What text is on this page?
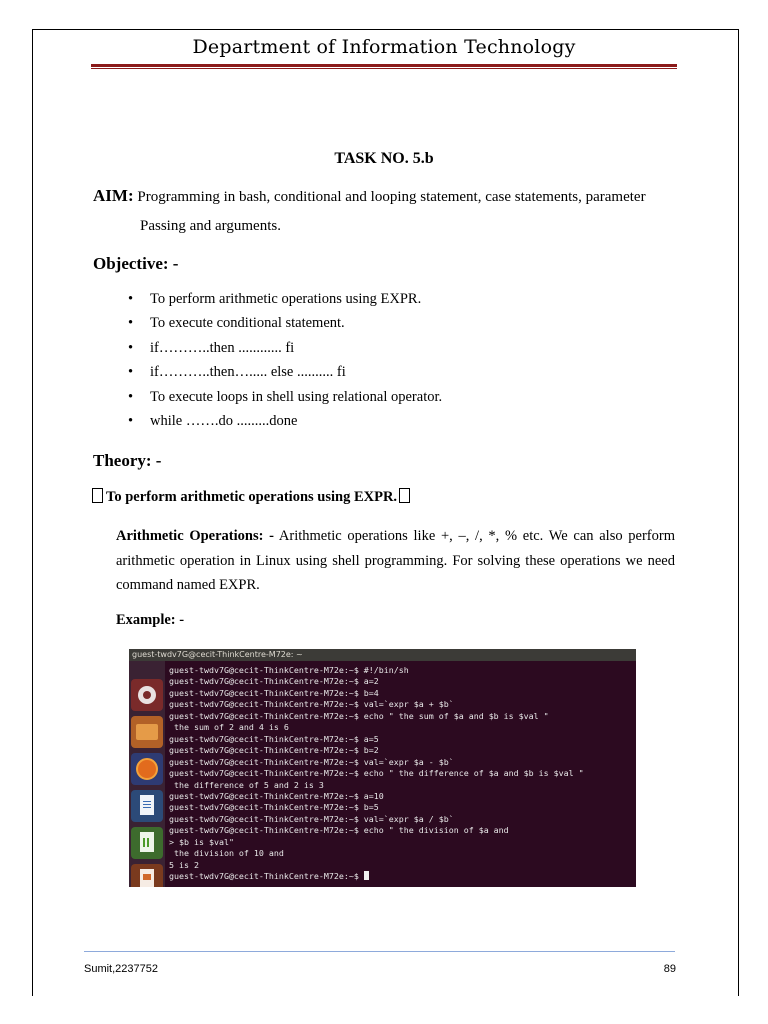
Department of Information Technology
TASK NO. 5.b
AIM: Programming in bash, conditional and looping statement, case statements, parameter
Passing and arguments.
Objective: -
• To perform arithmetic operations using EXPR.
• To execute conditional statement.
• if………..then ............ fi
• if………..then…..... else .......... fi
• To execute loops in shell using relational operator.
• while …….do .........done
Theory: -
To perform arithmetic operations using EXPR.
Arithmetic Operations: - Arithmetic operations like +, –, /, *, % etc. We can also perform arithmetic operation in Linux using shell programming. For solving these operations we need command named EXPR.
Example: -
guest-twdv7G@cecit-ThinkCentre-M72e: ~
guest-twdv7G@cecit-ThinkCentre-M72e:~$ #!/bin/sh
guest-twdv7G@cecit-ThinkCentre-M72e:~$ a=2
guest-twdv7G@cecit-ThinkCentre-M72e:~$ b=4
guest-twdv7G@cecit-ThinkCentre-M72e:~$ val=`expr $a + $b`
guest-twdv7G@cecit-ThinkCentre-M72e:~$ echo " the sum of $a and $b is $val "
the sum of 2 and 4 is 6
guest-twdv7G@cecit-ThinkCentre-M72e:~$ a=5
guest-twdv7G@cecit-ThinkCentre-M72e:~$ b=2
guest-twdv7G@cecit-ThinkCentre-M72e:~$ val=`expr $a - $b`
guest-twdv7G@cecit-ThinkCentre-M72e:~$ echo " the difference of $a and $b is $val "
the difference of 5 and 2 is 3
guest-twdv7G@cecit-ThinkCentre-M72e:~$ a=10
guest-twdv7G@cecit-ThinkCentre-M72e:~$ b=5
guest-twdv7G@cecit-ThinkCentre-M72e:~$ val=`expr $a / $b`
guest-twdv7G@cecit-ThinkCentre-M72e:~$ echo " the division of $a and
> $b is $val"
the division of 10 and
5 is 2
guest-twdv7G@cecit-ThinkCentre-M72e:~$
Sumit,2237752	89
